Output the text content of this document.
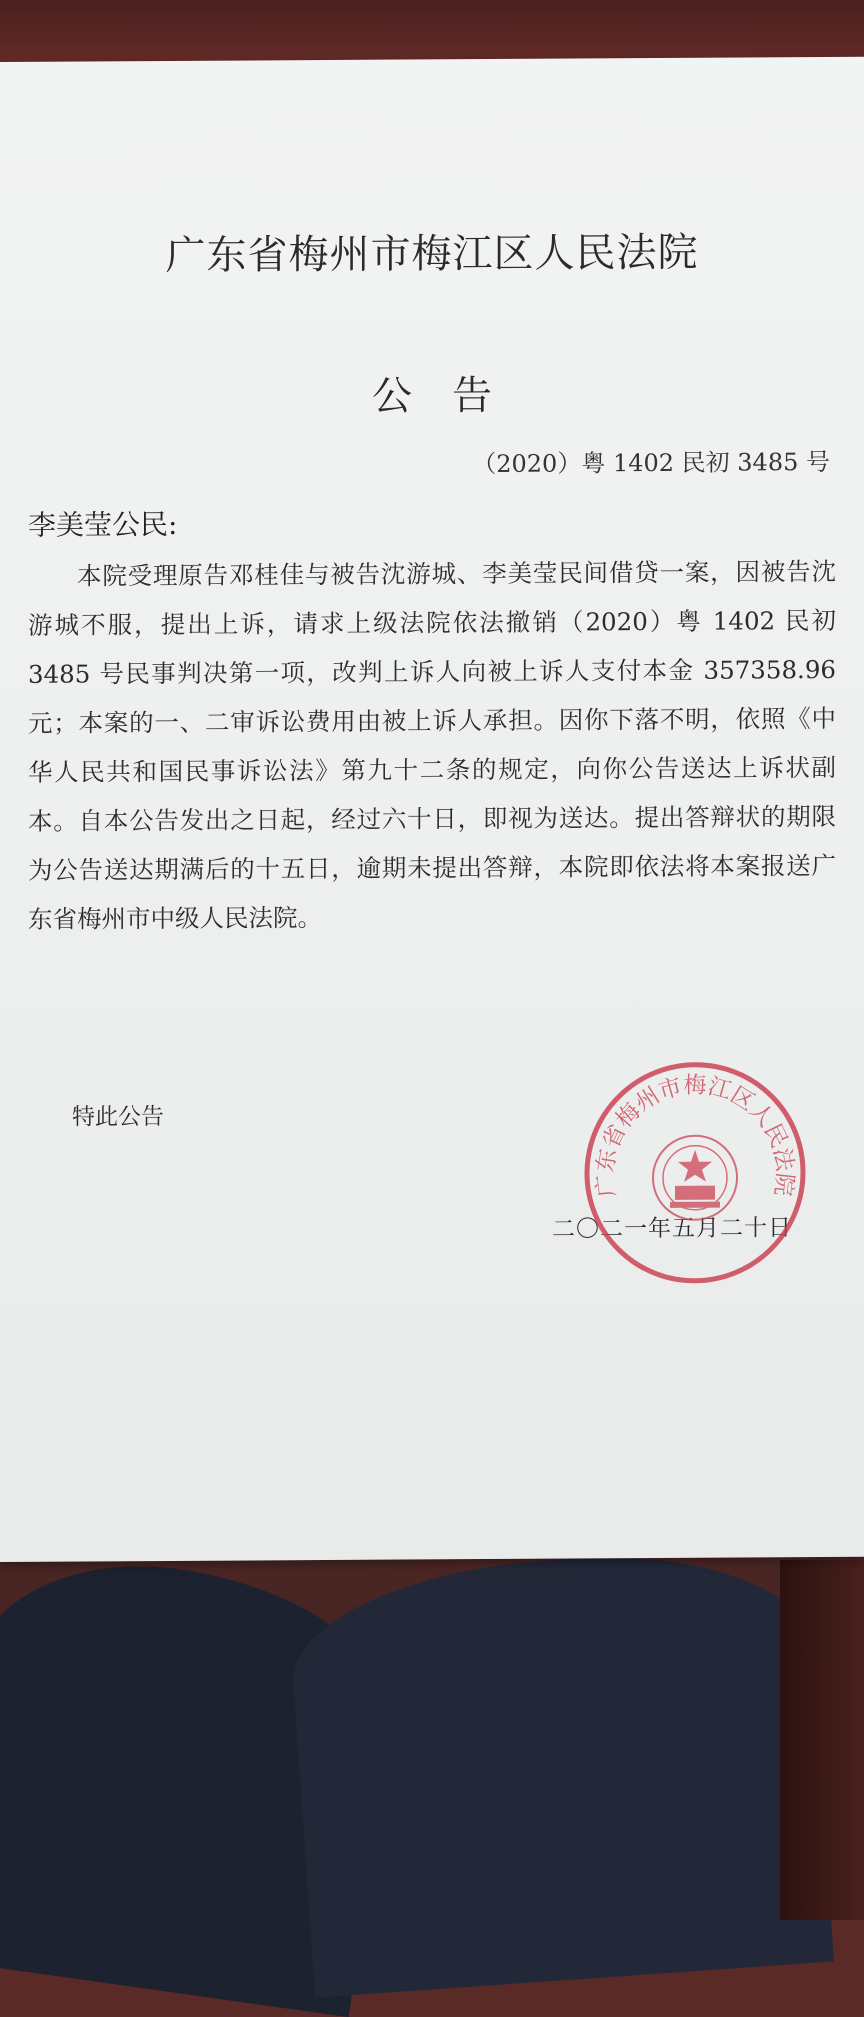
广东省梅州市梅江区人民法院
公告
（2020）粤 1402 民初 3485 号
李美莹公民:
本院受理原告邓桂佳与被告沈游城、李美莹民间借贷一案，因被告沈游城不服，提出上诉，请求上级法院依法撤销（2020）粤 1402 民初 3485 号民事判决第一项，改判上诉人向被上诉人支付本金 357358.96 元；本案的一、二审诉讼费用由被上诉人承担。因你下落不明，依照《中华人民共和国民事诉讼法》第九十二条的规定，向你公告送达上诉状副本。自本公告发出之日起，经过六十日，即视为送达。提出答辩状的期限为公告送达期满后的十五日，逾期未提出答辩，本院即依法将本案报送广东省梅州市中级人民法院。
特此公告
二〇二一年五月二十日
广东省梅州市梅江区人民法院
